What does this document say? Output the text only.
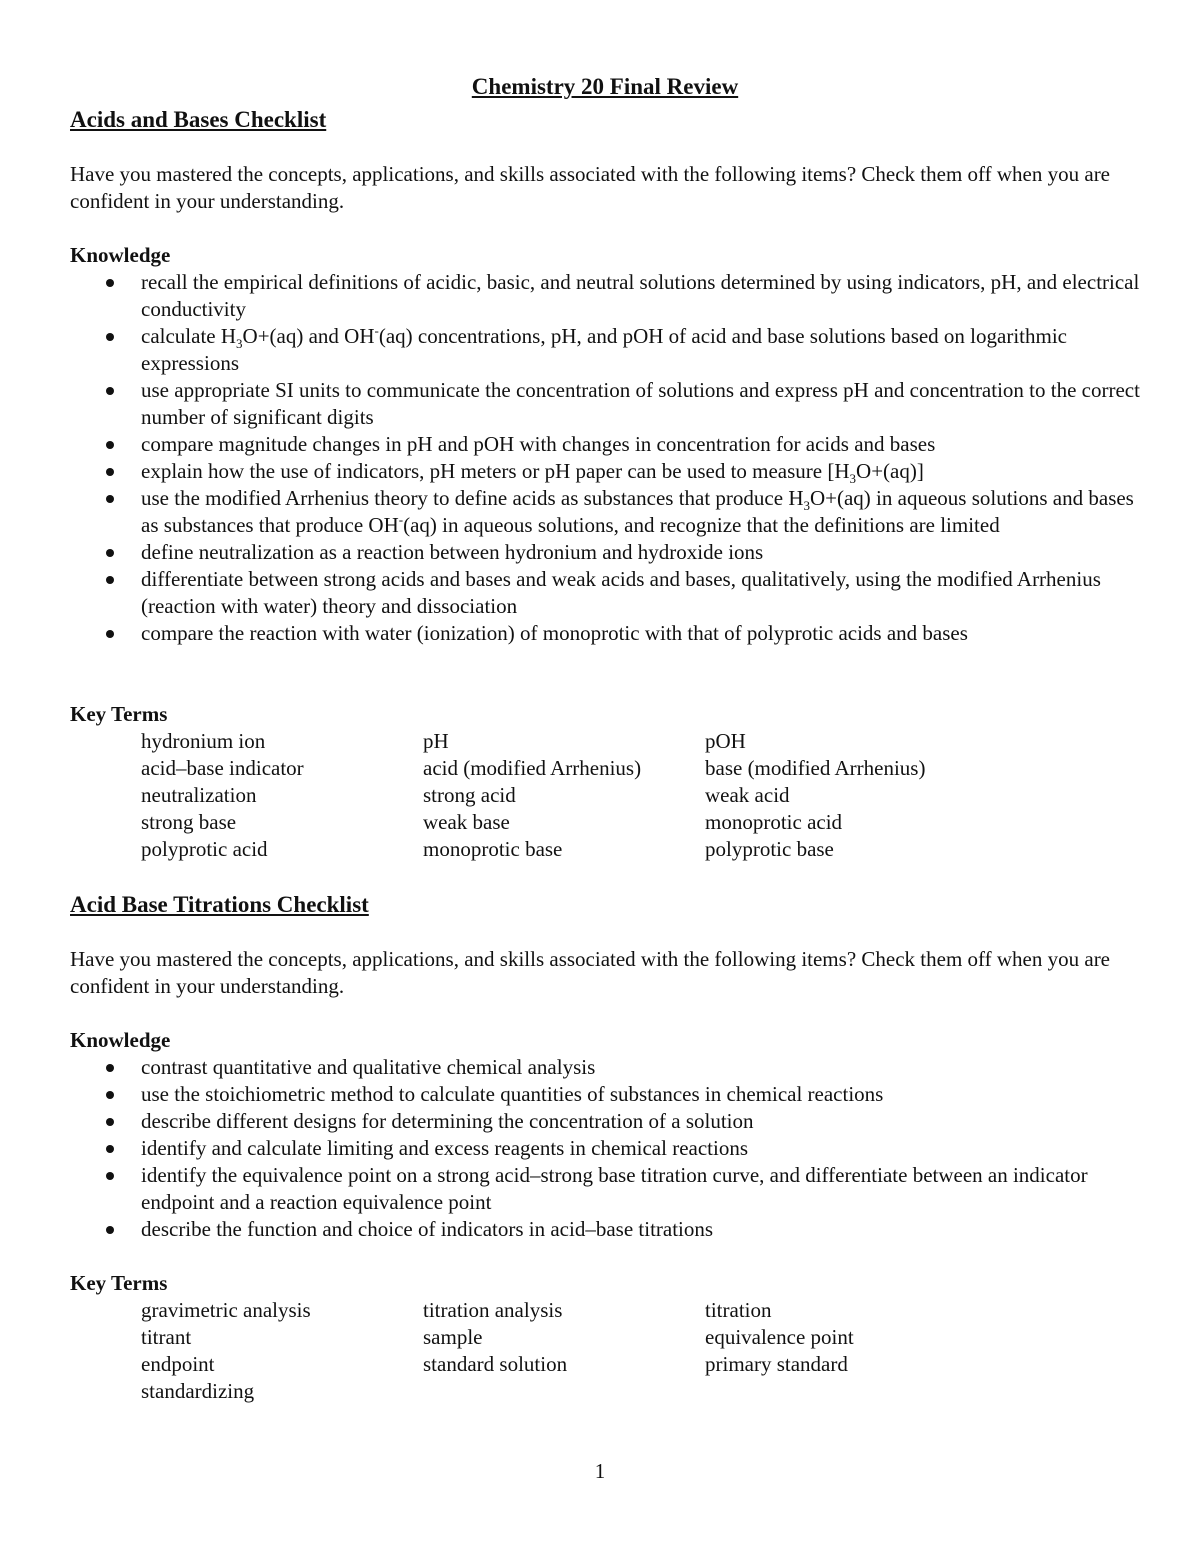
Chemistry 20 Final Review
Acids and Bases Checklist
Have you mastered the concepts, applications, and skills associated with the following items? Check them off when you are confident in your understanding.
Knowledge
recall the empirical definitions of acidic, basic, and neutral solutions determined by using indicators, pH, and electrical conductivity
calculate $H_3O+(aq)$ and OH-(aq) concentrations, pH, and pOH of acid and base solutions based on logarithmic expressions
use appropriate SI units to communicate the concentration of solutions and express pH and concentration to the correct number of significant digits
compare magnitude changes in pH and pOH with changes in concentration for acids and bases
explain how the use of indicators, pH meters or pH paper can be used to measure $[H_3O+(aq)]$
use the modified Arrhenius theory to define acids as substances that produce $H_3O+(aq)$ in aqueous solutions and bases as substances that produce OH-(aq) in aqueous solutions, and recognize that the definitions are limited
define neutralization as a reaction between hydronium and hydroxide ions
differentiate between strong acids and bases and weak acids and bases, qualitatively, using the modified Arrhenius (reaction with water) theory and dissociation
compare the reaction with water (ionization) of monoprotic with that of polyprotic acids and bases
Key Terms
hydronium ion	pH	pOH
acid–base indicator	acid (modified Arrhenius)	base (modified Arrhenius)
neutralization	strong acid	weak acid
strong base	weak base	monoprotic acid
polyprotic acid	monoprotic base	polyprotic base
Acid Base Titrations Checklist
Have you mastered the concepts, applications, and skills associated with the following items? Check them off when you are confident in your understanding.
Knowledge
contrast quantitative and qualitative chemical analysis
use the stoichiometric method to calculate quantities of substances in chemical reactions
describe different designs for determining the concentration of a solution
identify and calculate limiting and excess reagents in chemical reactions
identify the equivalence point on a strong acid–strong base titration curve, and differentiate between an indicator endpoint and a reaction equivalence point
describe the function and choice of indicators in acid–base titrations
Key Terms
gravimetric analysis	titration analysis	titration
titrant	sample	equivalence point
endpoint	standard solution	primary standard
standardizing
1
